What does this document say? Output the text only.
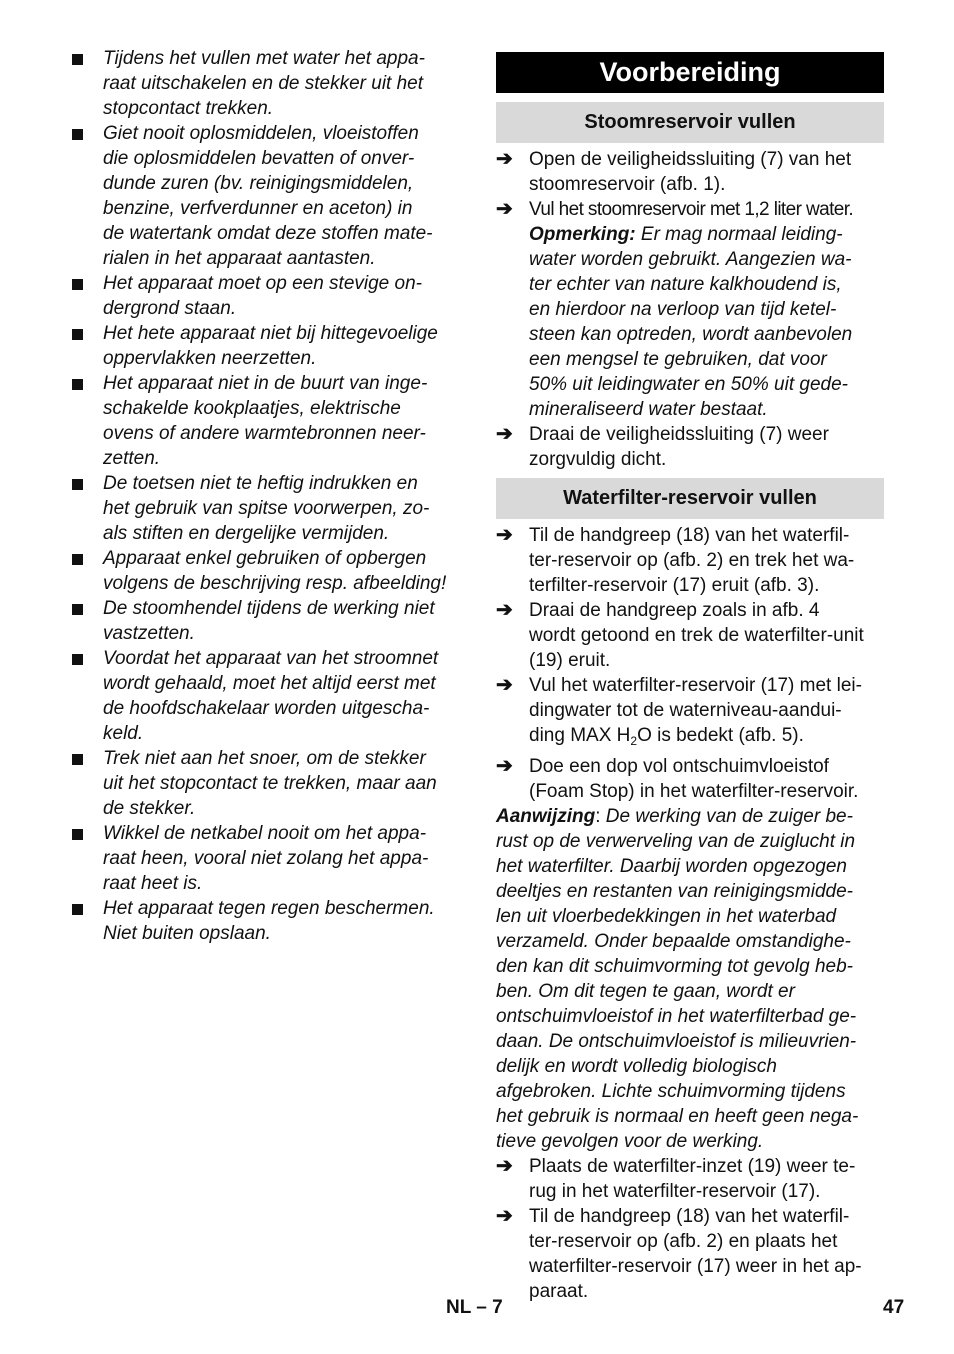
Tijdens het vullen met water het appa-
raat uitschakelen en de stekker uit het
stopcontact trekken.
Giet nooit oplosmiddelen, vloeistoffen
die oplosmiddelen bevatten of onver-
dunde zuren (bv. reinigingsmiddelen,
benzine, verfverdunner en aceton) in
de watertank omdat deze stoffen mate-
rialen in het apparaat aantasten.
Het apparaat moet op een stevige on-
dergrond staan.
Het hete apparaat niet bij hittegevoelige
oppervlakken neerzetten.
Het apparaat niet in de buurt van inge-
schakelde kookplaatjes, elektrische
ovens of andere warmtebronnen neer-
zetten.
De toetsen niet te heftig indrukken en
het gebruik van spitse voorwerpen, zo-
als stiften en dergelijke vermijden.
Apparaat enkel gebruiken of opbergen
volgens de beschrijving resp. afbeelding!
De stoomhendel tijdens de werking niet
vastzetten.
Voordat het apparaat van het stroomnet
wordt gehaald, moet het altijd eerst met
de hoofdschakelaar worden uitgescha-
keld.
Trek niet aan het snoer, om de stekker
uit het stopcontact te trekken, maar aan
de stekker.
Wikkel de netkabel nooit om het appa-
raat heen, vooral niet zolang het appa-
raat heet is.
Het apparaat tegen regen beschermen.
Niet buiten opslaan.
Voorbereiding
Stoomreservoir vullen
➔ Open de veiligheidssluiting (7) van het
stoomreservoir (afb. 1).
➔ Vul het stoomreservoir met 1,2 liter water.
Opmerking: Er mag normaal leiding-
water worden gebruikt. Aangezien wa-
ter echter van nature kalkhoudend is,
en hierdoor na verloop van tijd ketel-
steen kan optreden, wordt aanbevolen
een mengsel te gebruiken, dat voor
50% uit leidingwater en 50% uit gede-
mineraliseerd water bestaat.
➔ Draai de veiligheidssluiting (7) weer
zorgvuldig dicht.
Waterfilter-reservoir vullen
➔ Til de handgreep (18) van het waterfil-
ter-reservoir op (afb. 2) en trek het wa-
terfilter-reservoir (17) eruit (afb. 3).
➔ Draai de handgreep zoals in afb. 4
wordt getoond en trek de waterfilter-unit
(19) eruit.
➔ Vul het waterfilter-reservoir (17) met lei-
dingwater tot de waterniveau-aandui-
ding MAX $H_2O$ is bedekt (afb. 5).
➔ Doe een dop vol ontschuimvloeistof
(Foam Stop) in het waterfilter-reservoir.
Aanwijzing: De werking van de zuiger be-
rust op de verwerveling van de zuiglucht in
het waterfilter. Daarbij worden opgezogen
deeltjes en restanten van reinigingsmidde-
len uit vloerbedekkingen in het waterbad
verzameld. Onder bepaalde omstandighe-
den kan dit schuimvorming tot gevolg heb-
ben. Om dit tegen te gaan, wordt er
ontschuimvloeistof in het waterfilterbad ge-
daan. De ontschuimvloeistof is milieuvrien-
delijk en wordt volledig biologisch
afgebroken. Lichte schuimvorming tijdens
het gebruik is normaal en heeft geen nega-
tieve gevolgen voor de werking.
➔ Plaats de waterfilter-inzet (19) weer te-
rug in het waterfilter-reservoir (17).
➔ Til de handgreep (18) van het waterfil-
ter-reservoir op (afb. 2) en plaats het
waterfilter-reservoir (17) weer in het ap-
paraat.
NL – 7	47
